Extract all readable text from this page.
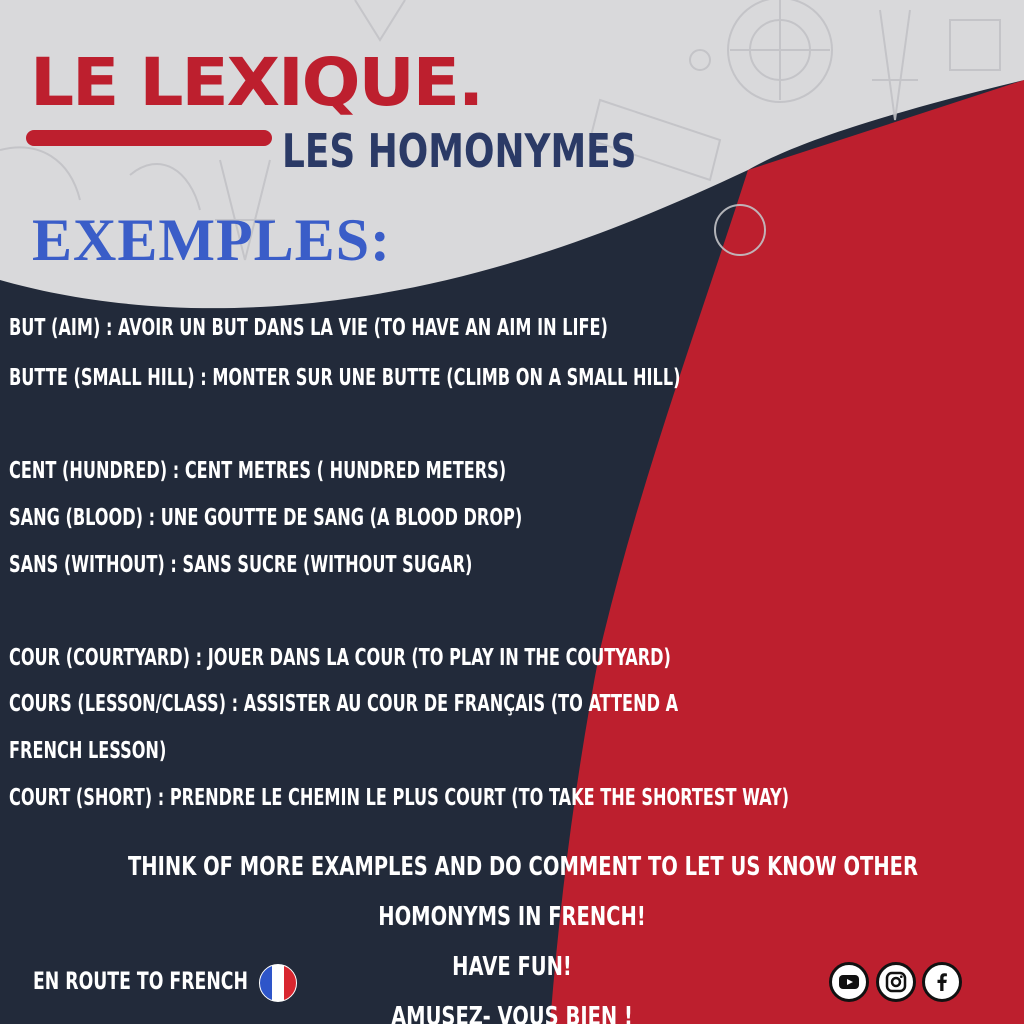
LE LEXIQUE.
LES HOMONYMES
EXEMPLES:
BUT (AIM) : AVOIR UN BUT DANS LA VIE (TO HAVE AN AIM IN LIFE)
BUTTE (SMALL HILL) : MONTER SUR UNE BUTTE (CLIMB ON A SMALL HILL)
CENT (HUNDRED) : CENT METRES ( HUNDRED METERS)
SANG (BLOOD) : UNE GOUTTE DE SANG (A BLOOD DROP)
SANS (WITHOUT) : SANS SUCRE (WITHOUT SUGAR)
COUR (COURTYARD) : JOUER DANS LA COUR (TO PLAY IN THE COUTYARD)
COURS (LESSON/CLASS) : ASSISTER AU COUR DE FRANÇAIS (TO ATTEND A
FRENCH LESSON)
COURT (SHORT) : PRENDRE LE CHEMIN LE PLUS COURT (TO TAKE THE SHORTEST WAY)
THINK OF MORE EXAMPLES AND DO COMMENT TO LET US KNOW OTHER
HOMONYMS IN FRENCH!
HAVE FUN!
AMUSEZ- VOUS BIEN !
EN ROUTE TO FRENCH
